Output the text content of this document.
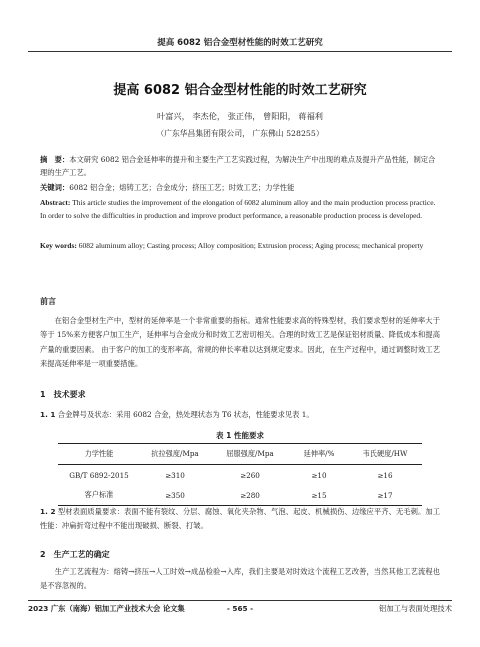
提高 6082 铝合金型材性能的时效工艺研究
提高 6082 铝合金型材性能的时效工艺研究
叶富兴， 李杰伦， 张正伟， 曾阳阳， 蒋福利
（广东华昌集团有限公司， 广东佛山 528255）
摘　要：本文研究 6082 铝合金延伸率的提升和主要生产工艺实践过程，为解决生产中出现的难点及提升产品性能，制定合理的生产工艺。
关键词：6082 铝合金；熔铸工艺；合金成分；挤压工艺；时效工艺；力学性能
Abstract: This article studies the improvement of the elongation of 6082 aluminum alloy and the main production process practice. In order to solve the difficulties in production and improve product performance, a reasonable production process is developed.
Key words: 6082 aluminum alloy; Casting process; Alloy composition; Extrusion process; Aging process; mechanical property
前言
在铝合金型材生产中，型材的延伸率是一个非常重要的指标。通常性能要求高的特殊型材，我们要求型材的延伸率大于等于 15%来方便客户加工生产，延伸率与合金成分和时效工艺密切相关。合理的时效工艺是保证铝材质量、降低成本和提高产量的重要因素。 由于客户的加工的变形率高，常规的伸长率难以达到规定要求。因此，在生产过程中，通过调整时效工艺来提高延伸率是一项重要措施。
1　技术要求
1. 1 合金牌号及状态：采用 6082 合金，热处理状态为 T6 状态，性能要求见表 1。
表 1 性能要求
力学性能	抗拉强度/Mpa	屈服强度/Mpa	延伸率/%	韦氏硬度/HW
GB/T 6892-2015	≥310	≥260	≥10	≥16
客户标准	≥350	≥280	≥15	≥17
1. 2 型材表面质量要求：表面不能有裂纹、分层、腐蚀、氧化夹杂物、气泡、起皮、机械损伤、边缘应平齐、无毛刺。加工性能：冲扁折弯过程中不能出现破损、断裂、打皱。
2　生产工艺的确定
生产工艺流程为：熔铸→挤压→人工时效→成品检验→入库，我们主要是对时效这个流程工艺改善，当然其他工艺流程也是不容忽视的。
2023 广东（南海）铝加工产业技术大会 论文集	- 565 -	铝加工与表面处理技术
